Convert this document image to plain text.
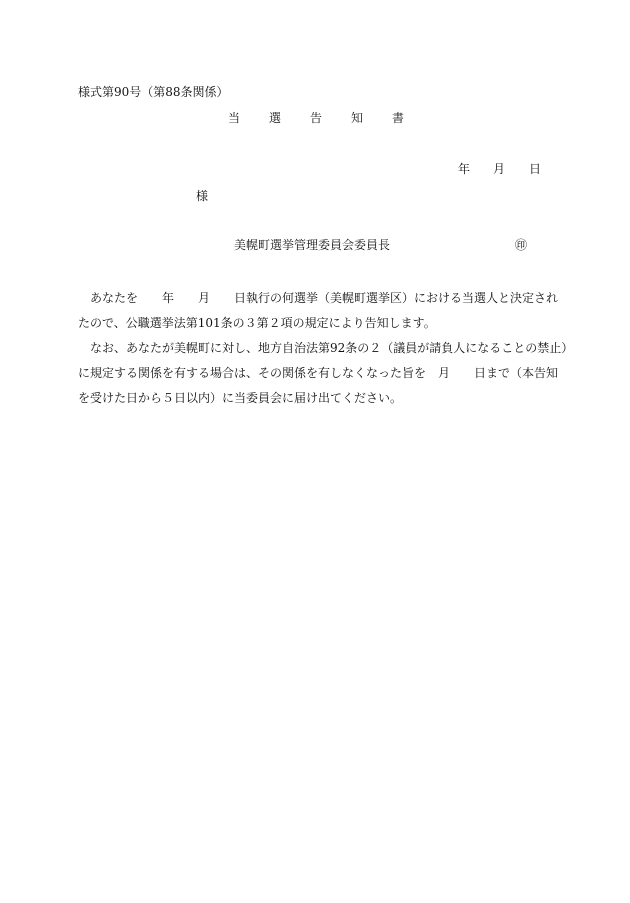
様式第90号（第88条関係）
当 選 告 知 書
年 月 日
様
美幌町選挙管理委員会委員長	㊞
　あなたを　　年　　月　　日執行の何選挙（美幌町選挙区）における当選人と決定され
たので、公職選挙法第101条の３第２項の規定により告知します。
　なお、あなたが美幌町に対し、地方自治法第92条の２（議員が請負人になることの禁止）
に規定する関係を有する場合は、その関係を有しなくなった旨を　月　　日まで（本告知
を受けた日から５日以内）に当委員会に届け出てください。
